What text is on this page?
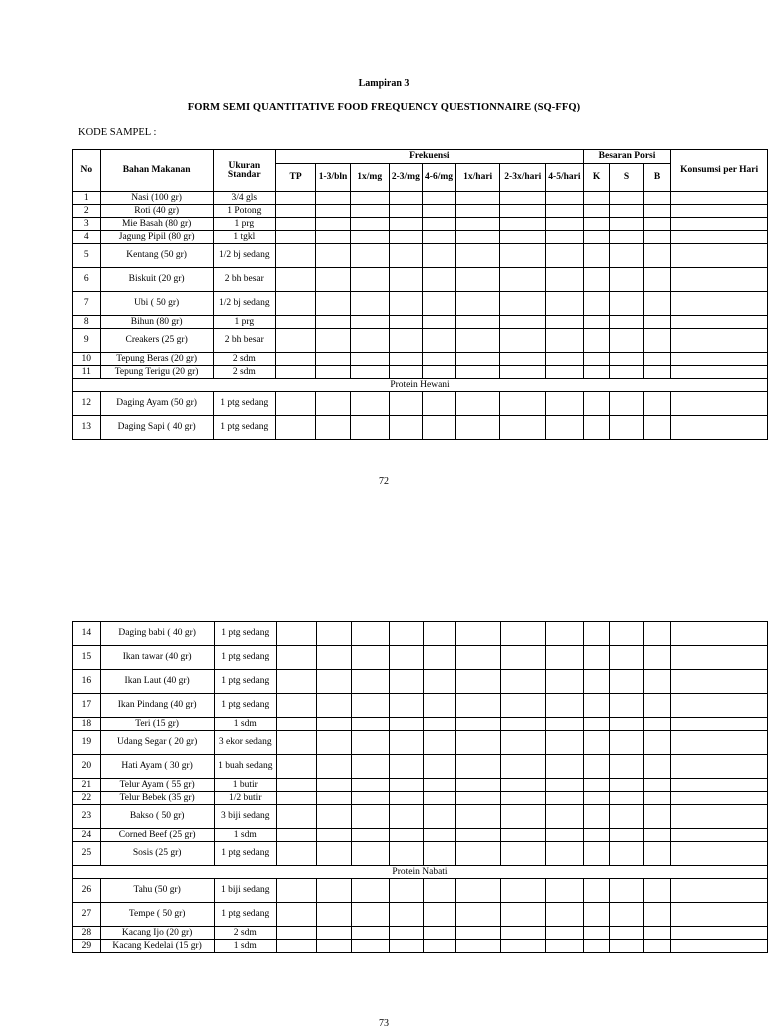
Lampiran 3
FORM SEMI QUANTITATIVE FOOD FREQUENCY QUESTIONNAIRE (SQ-FFQ)
KODE SAMPEL :
No	Bahan Makanan	Ukuran Standar	Frekuensi								Besaran Porsi			Konsumsi per Hari
			TP	1-3/bln	1x/mg	2-3/mg	4-6/mg	1x/hari	2-3x/hari	4-5/hari	K	S	B	
1	Nasi (100 gr)	3/4 gls												
2	Roti (40 gr)	1 Potong												
3	Mie Basah (80 gr)	1 prg												
4	Jagung Pipil (80 gr)	1 tgkl												
5	Kentang (50 gr)	1/2 bj sedang												
6	Biskuit (20 gr)	2 bh besar												
7	Ubi ( 50 gr)	1/2 bj sedang												
8	Bihun (80 gr)	1 prg												
9	Creakers (25 gr)	2 bh besar												
10	Tepung Beras (20 gr)	2 sdm												
11	Tepung Terigu (20 gr)	2 sdm												
Protein Hewani														
12	Daging Ayam (50 gr)	1 ptg sedang												
13	Daging Sapi ( 40 gr)	1 ptg sedang												
72
14	Daging babi ( 40 gr)	1 ptg sedang												
15	Ikan tawar (40 gr)	1 ptg sedang												
16	Ikan Laut (40 gr)	1 ptg sedang												
17	Ikan Pindang (40 gr)	1 ptg sedang												
18	Teri (15 gr)	1 sdm												
19	Udang Segar ( 20 gr)	3 ekor sedang												
20	Hati Ayam ( 30 gr)	1 buah sedang												
21	Telur Ayam ( 55 gr)	1 butir												
22	Telur Bebek (35 gr)	1/2 butir												
23	Bakso ( 50 gr)	3 biji sedang												
24	Corned Beef (25 gr)	1 sdm												
25	Sosis (25 gr)	1 ptg sedang												
Protein Nabati														
26	Tahu (50 gr)	1 biji sedang												
27	Tempe ( 50 gr)	1 ptg sedang												
28	Kacang Ijo (20 gr)	2 sdm												
29	Kacang Kedelai (15 gr)	1 sdm												
73
